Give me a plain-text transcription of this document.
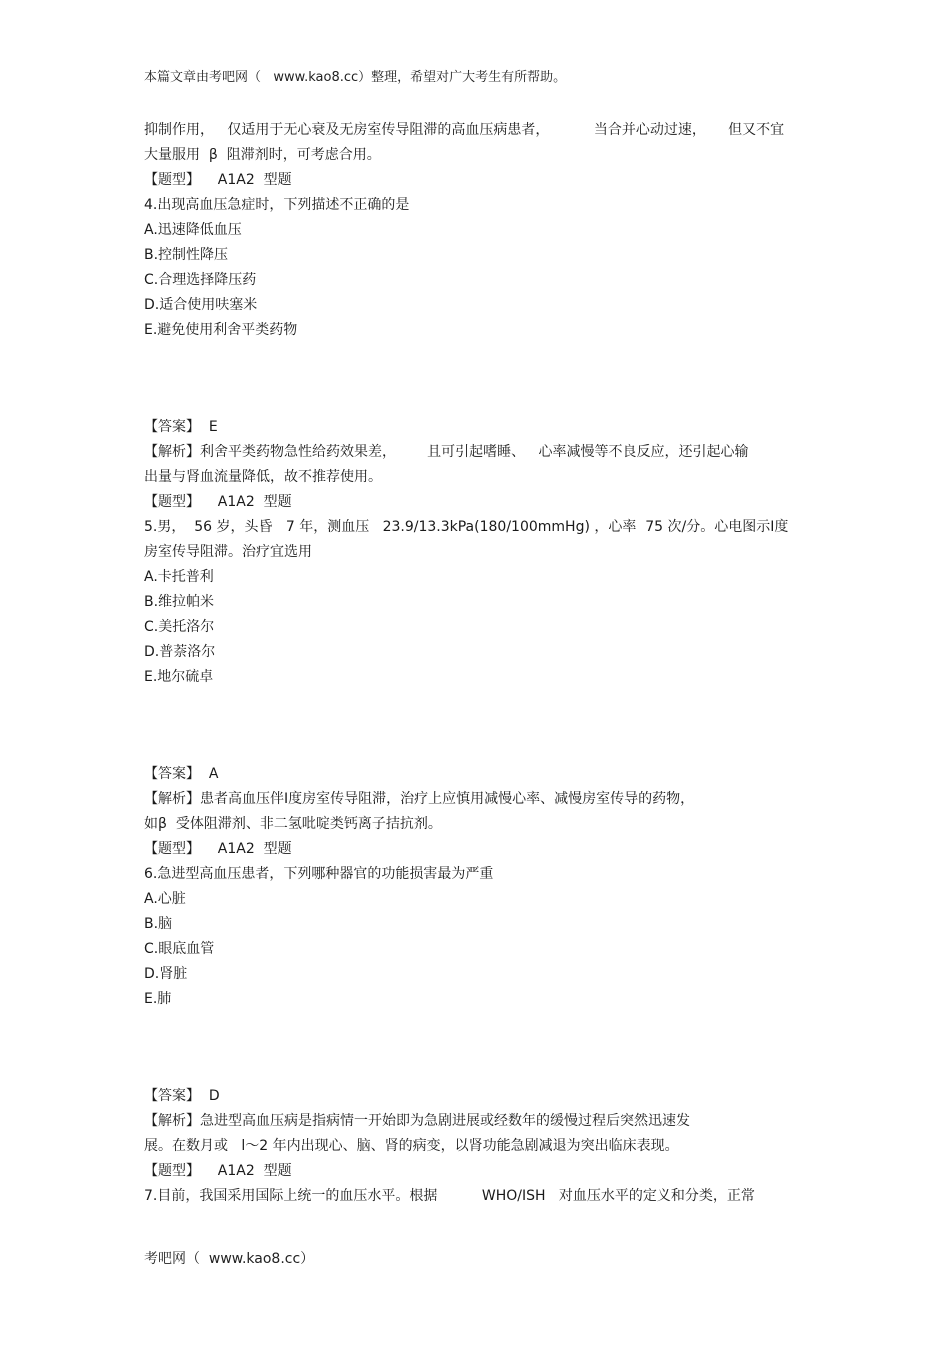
本篇文章由考吧网（   www.kao8.cc）整理，希望对广大考生有所帮助。
抑制作用，   仅适用于无心衰及无房室传导阻滞的高血压病患者，          当合并心动过速，     但又不宜
大量服用  β  阻滞剂时，可考虑合用。
【题型】    A1A2  型题
4.出现高血压急症时，下列描述不正确的是
A.迅速降低血压
B.控制性降压
C.合理选择降压药
D.适合使用呋塞米
E.避免使用利舍平类药物
【答案】  E
【解析】利舍平类药物急性给药效果差，       且可引起嗜睡、   心率减慢等不良反应，还引起心输
出量与肾血流量降低，故不推荐使用。
【题型】    A1A2  型题
5.男，  56 岁，头昏   7 年，测血压   23.9/13.3kPa(180/100mmHg) ，心率  75 次/分。心电图示Ⅰ度
房室传导阻滞。治疗宜选用
A.卡托普利
B.维拉帕米
C.美托洛尔
D.普萘洛尔
E.地尔硫卓
【答案】  A
【解析】患者高血压伴Ⅰ度房室传导阻滞，治疗上应慎用减慢心率、减慢房室传导的药物，
如β  受体阻滞剂、非二氢吡啶类钙离子拮抗剂。
【题型】    A1A2  型题
6.急进型高血压患者，下列哪种器官的功能损害最为严重
A.心脏
B.脑
C.眼底血管
D.肾脏
E.肺
【答案】  D
【解析】急进型高血压病是指病情一开始即为急剧进展或经数年的缓慢过程后突然迅速发
展。在数月或   l～2 年内出现心、脑、肾的病变，以肾功能急剧减退为突出临床表现。
【题型】    A1A2  型题
7.目前，我国采用国际上统一的血压水平。根据          WHO/ISH   对血压水平的定义和分类，正常
考吧网（  www.kao8.cc）
